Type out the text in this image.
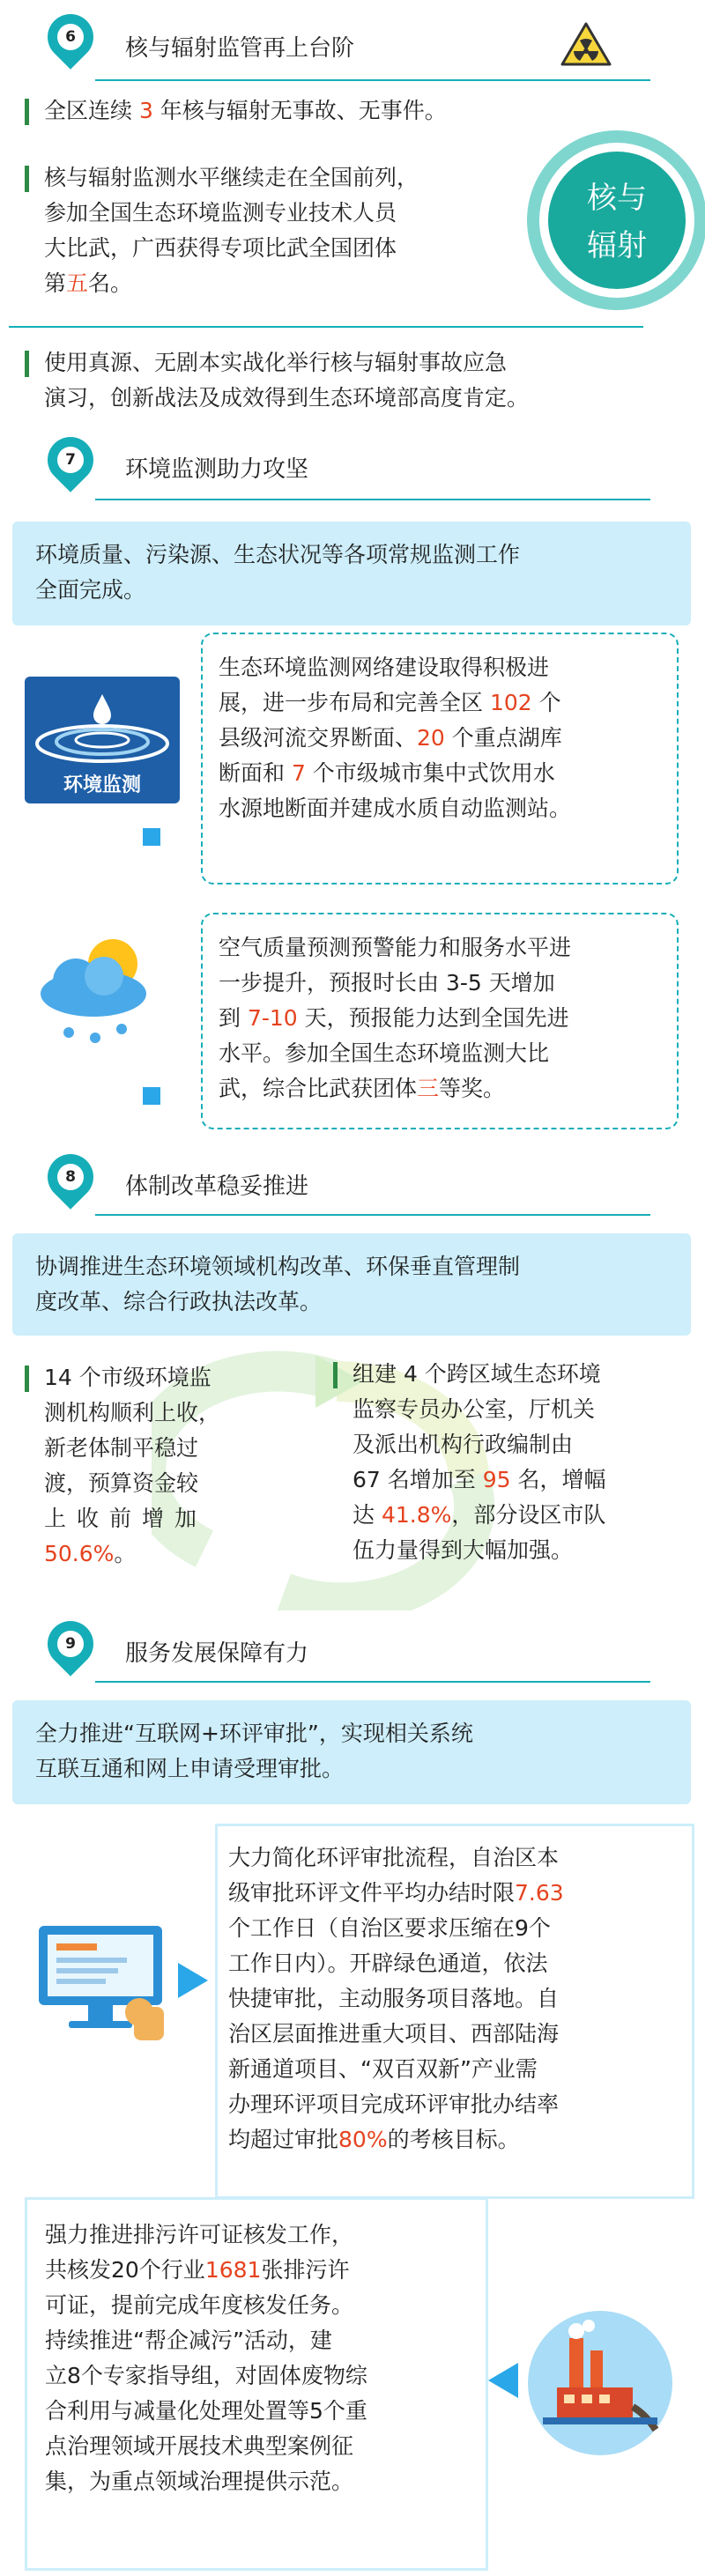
6	核与辐射监管再上台阶
全区连续 3 年核与辐射无事故、无事件。
核与辐射监测水平继续走在全国前列，
参加全国生态环境监测专业技术人员
大比武，广西获得专项比武全国团体
第五名。
核与
辐射
使用真源、无剧本实战化举行核与辐射事故应急
演习，创新战法及成效得到生态环境部高度肯定。
7	环境监测助力攻坚
环境质量、污染源、生态状况等各项常规监测工作
全面完成。
环境监测
生态环境监测网络建设取得积极进
展，进一步布局和完善全区 102 个
县级河流交界断面、20 个重点湖库
断面和 7 个市级城市集中式饮用水
水源地断面并建成水质自动监测站。
空气质量预测预警能力和服务水平进
一步提升，预报时长由 3-5 天增加
到 7-10 天，预报能力达到全国先进
水平。参加全国生态环境监测大比
武，综合比武获团体三等奖。
8	体制改革稳妥推进
协调推进生态环境领域机构改革、环保垂直管理制
度改革、综合行政执法改革。
14 个市级环境监
测机构顺利上收，
新老体制平稳过
渡，预算资金较
上收前增加
50.6%。
组建 4 个跨区域生态环境
监察专员办公室，厅机关
及派出机构行政编制由
67 名增加至 95 名，增幅
达 41.8%，部分设区市队
伍力量得到大幅加强。
9	服务发展保障有力
全力推进“互联网+环评审批”，实现相关系统
互联互通和网上申请受理审批。
大力简化环评审批流程，自治区本
级审批环评文件平均办结时限7.63
个工作日（自治区要求压缩在9个
工作日内）。开辟绿色通道，依法
快捷审批，主动服务项目落地。自
治区层面推进重大项目、西部陆海
新通道项目、“双百双新”产业需
办理环评项目完成环评审批办结率
均超过审批80%的考核目标。
强力推进排污许可证核发工作，
共核发20个行业1681张排污许
可证，提前完成年度核发任务。
持续推进“帮企减污”活动，建
立8个专家指导组，对固体废物综
合利用与减量化处理处置等5个重
点治理领域开展技术典型案例征
集，为重点领域治理提供示范。
